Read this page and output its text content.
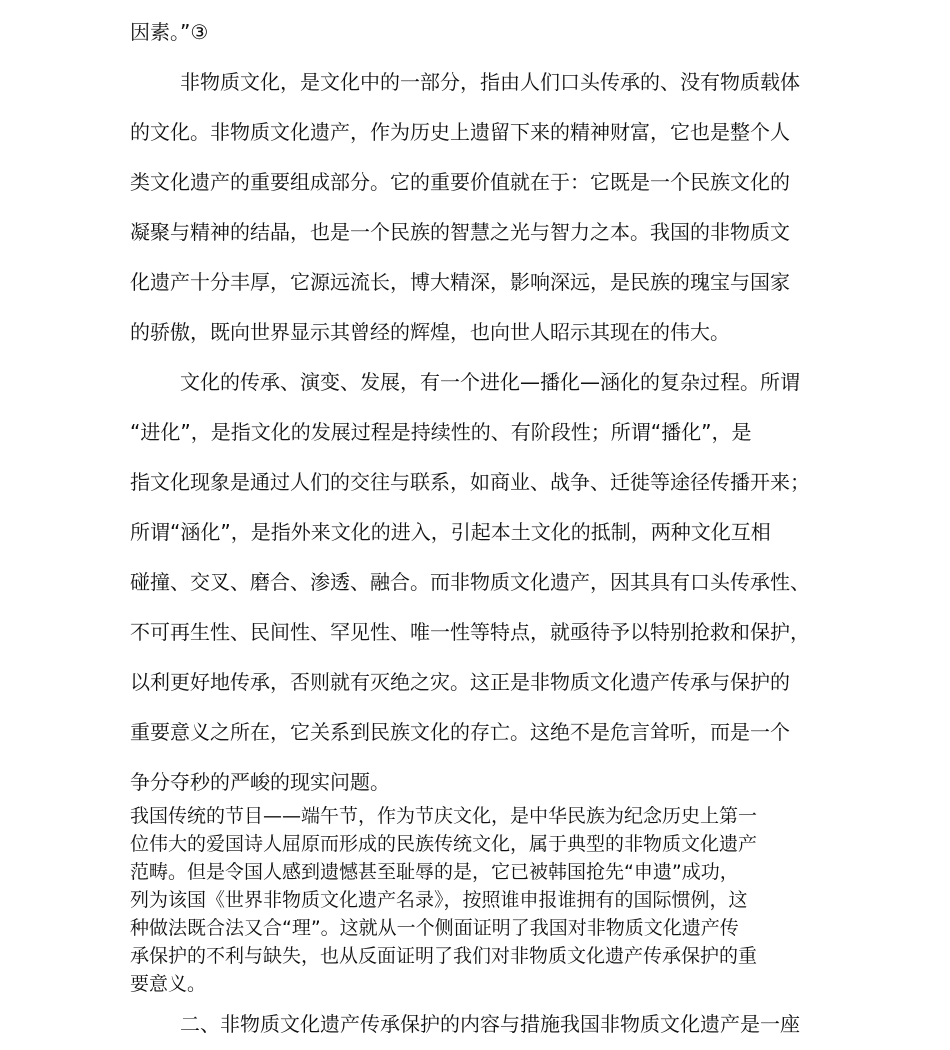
因素。”③
非物质文化，是文化中的一部分，指由人们口头传承的、没有物质载体
的文化。非物质文化遗产，作为历史上遗留下来的精神财富，它也是整个人
类文化遗产的重要组成部分。它的重要价值就在于：它既是一个民族文化的
凝聚与精神的结晶，也是一个民族的智慧之光与智力之本。我国的非物质文
化遗产十分丰厚，它源远流长，博大精深，影响深远，是民族的瑰宝与国家
的骄傲，既向世界显示其曾经的辉煌，也向世人昭示其现在的伟大。
文化的传承、演变、发展，有一个进化—播化—涵化的复杂过程。所谓
“进化”，是指文化的发展过程是持续性的、有阶段性；所谓“播化”，是
指文化现象是通过人们的交往与联系，如商业、战争、迁徙等途径传播开来；
所谓“涵化”，是指外来文化的进入，引起本土文化的抵制，两种文化互相
碰撞、交叉、磨合、渗透、融合。而非物质文化遗产，因其具有口头传承性、
不可再生性、民间性、罕见性、唯一性等特点，就亟待予以特别抢救和保护，
以利更好地传承，否则就有灭绝之灾。这正是非物质文化遗产传承与保护的
重要意义之所在，它关系到民族文化的存亡。这绝不是危言耸听，而是一个
争分夺秒的严峻的现实问题。
我国传统的节目——端午节，作为节庆文化，是中华民族为纪念历史上第一
位伟大的爱国诗人屈原而形成的民族传统文化，属于典型的非物质文化遗产
范畴。但是令国人感到遗憾甚至耻辱的是，它已被韩国抢先“申遗”成功，
列为该国《世界非物质文化遗产名录》，按照谁申报谁拥有的国际惯例，这
种做法既合法又合“理”。这就从一个侧面证明了我国对非物质文化遗产传
承保护的不利与缺失，也从反面证明了我们对非物质文化遗产传承保护的重
要意义。
二、非物质文化遗产传承保护的内容与措施我国非物质文化遗产是一座
